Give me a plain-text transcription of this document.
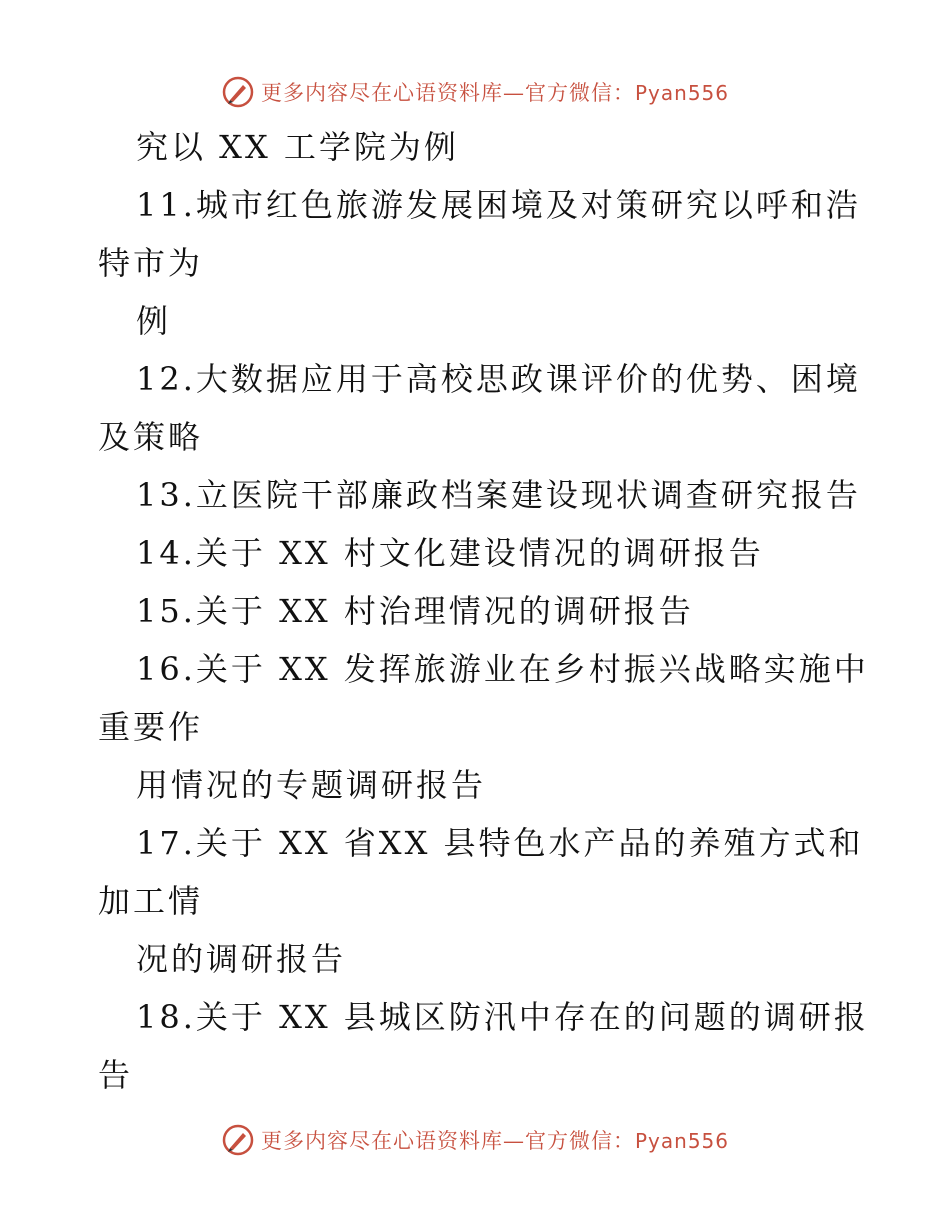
更多内容尽在心语资料库—官方微信：Pyan556
究以 XX 工学院为例
11.城市红色旅游发展困境及对策研究以呼和浩
特市为
例
12.大数据应用于高校思政课评价的优势、困境
及策略
13.立医院干部廉政档案建设现状调查研究报告
14.关于 XX 村文化建设情况的调研报告
15.关于 XX 村治理情况的调研报告
16.关于 XX 发挥旅游业在乡村振兴战略实施中
重要作
用情况的专题调研报告
17.关于 XX 省XX 县特色水产品的养殖方式和
加工情
况的调研报告
18.关于 XX 县城区防汛中存在的问题的调研报
告
更多内容尽在心语资料库—官方微信：Pyan556
